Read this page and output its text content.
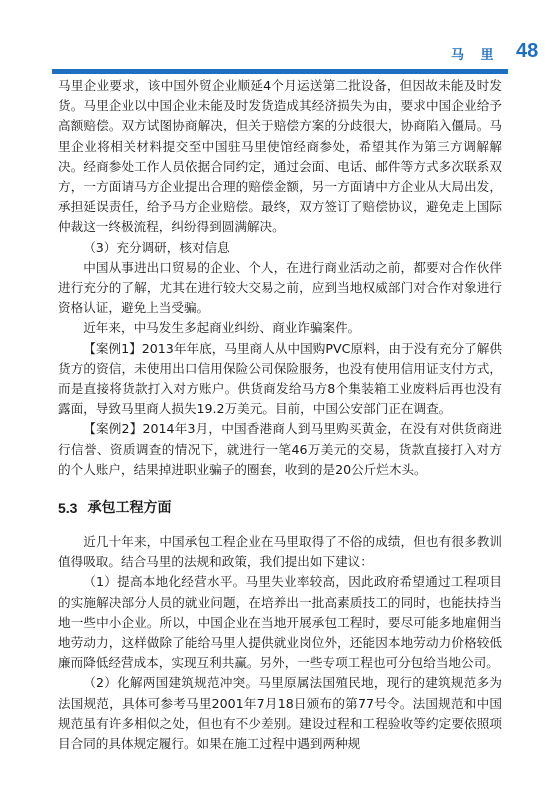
马 里 48

马里企业要求，该中国外贸企业顺延4个月运送第二批设备，但因故未能及时发货。马里企业以中国企业未能及时发货造成其经济损失为由，要求中国企业给予高额赔偿。双方试图协商解决，但关于赔偿方案的分歧很大，协商陷入僵局。马里企业将相关材料提交至中国驻马里使馆经商参处，希望其作为第三方调解解决。经商参处工作人员依据合同约定，通过会面、电话、邮件等方式多次联系双方，一方面请马方企业提出合理的赔偿金额，另一方面请中方企业从大局出发，承担延误责任，给予马方企业赔偿。最终，双方签订了赔偿协议，避免走上国际仲裁这一终极流程，纠纷得到圆满解决。

（3）充分调研，核对信息

中国从事进出口贸易的企业、个人，在进行商业活动之前，都要对合作伙伴进行充分的了解，尤其在进行较大交易之前，应到当地权威部门对合作对象进行资格认证，避免上当受骗。

近年来，中马发生多起商业纠纷、商业诈骗案件。

【案例1】2013年年底，马里商人从中国购PVC原料，由于没有充分了解供货方的资信，未使用出口信用保险公司保险服务，也没有使用信用证支付方式，而是直接将货款打入对方账户。供货商发给马方8个集装箱工业废料后再也没有露面，导致马里商人损失19.2万美元。目前，中国公安部门正在调查。

【案例2】2014年3月，中国香港商人到马里购买黄金，在没有对供货商进行信誉、资质调查的情况下，就进行一笔46万美元的交易，货款直接打入对方的个人账户，结果掉进职业骗子的圈套，收到的是20公斤烂木头。

5.3 承包工程方面

近几十年来，中国承包工程企业在马里取得了不俗的成绩，但也有很多教训值得吸取。结合马里的法规和政策，我们提出如下建议：

（1）提高本地化经营水平。马里失业率较高，因此政府希望通过工程项目的实施解决部分人员的就业问题，在培养出一批高素质技工的同时，也能扶持当地一些中小企业。所以，中国企业在当地开展承包工程时，要尽可能多地雇佣当地劳动力，这样做除了能给马里人提供就业岗位外，还能因本地劳动力价格较低廉而降低经营成本，实现互利共赢。另外，一些专项工程也可分包给当地公司。

（2）化解两国建筑规范冲突。马里原属法国殖民地，现行的建筑规范多为法国规范，具体可参考马里2001年7月18日颁布的第77号令。法国规范和中国规范虽有许多相似之处，但也有不少差别。建设过程和工程验收等约定要依照项目合同的具体规定履行。如果在施工过程中遇到两种规
